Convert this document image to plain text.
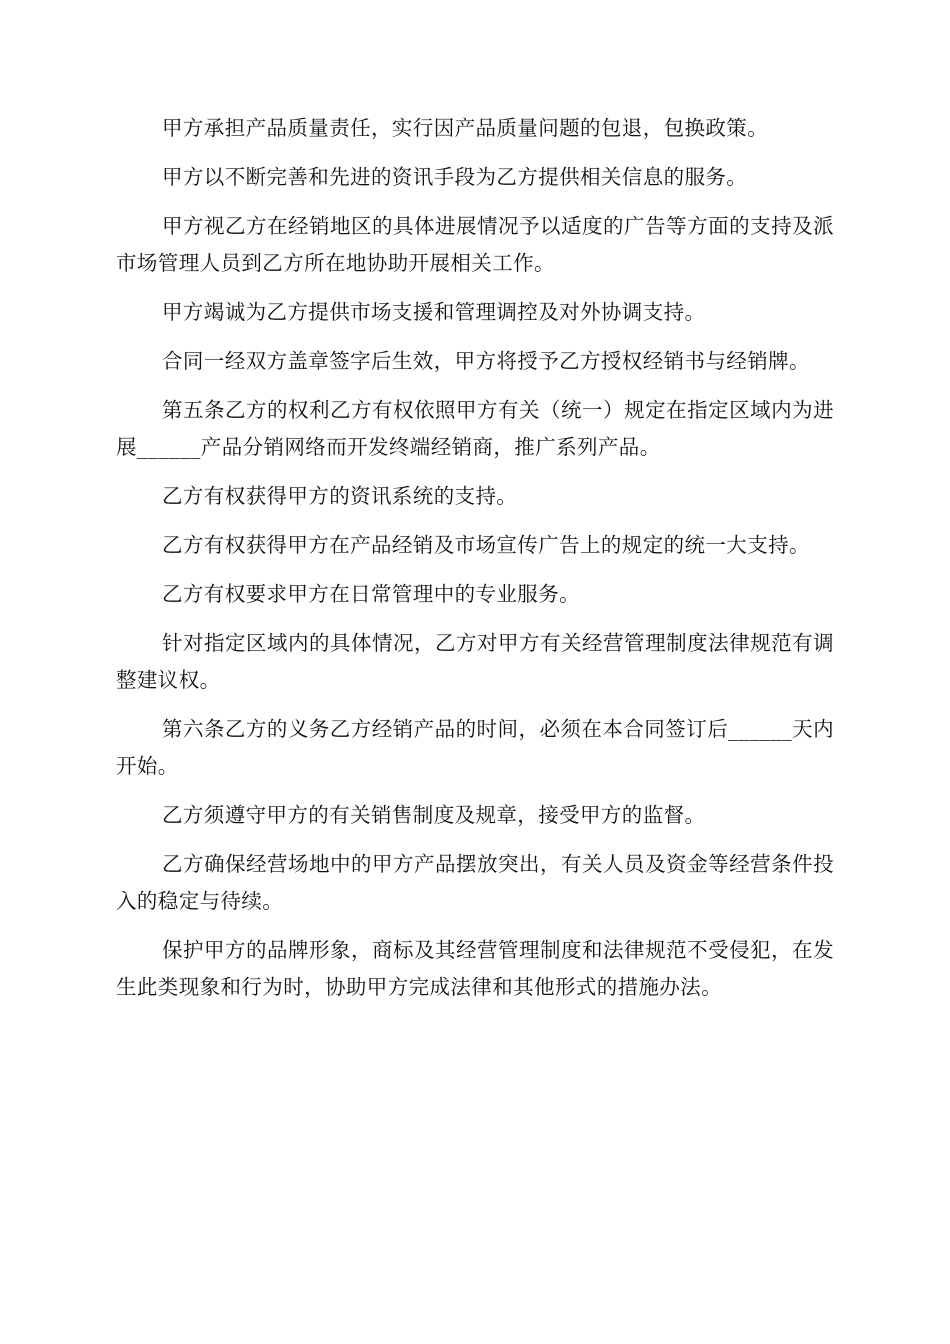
甲方承担产品质量责任，实行因产品质量问题的包退，包换政策。

甲方以不断完善和先进的资讯手段为乙方提供相关信息的服务。

甲方视乙方在经销地区的具体进展情况予以适度的广告等方面的支持及派市场管理人员到乙方所在地协助开展相关工作。

甲方竭诚为乙方提供市场支援和管理调控及对外协调支持。

合同一经双方盖章签字后生效，甲方将授予乙方授权经销书与经销牌。

第五条乙方的权利乙方有权依照甲方有关（统一）规定在指定区域内为进展______产品分销网络而开发终端经销商，推广系列产品。

乙方有权获得甲方的资讯系统的支持。

乙方有权获得甲方在产品经销及市场宣传广告上的规定的统一大支持。

乙方有权要求甲方在日常管理中的专业服务。

针对指定区域内的具体情况，乙方对甲方有关经营管理制度法律规范有调整建议权。

第六条乙方的义务乙方经销产品的时间，必须在本合同签订后______天内开始。

乙方须遵守甲方的有关销售制度及规章，接受甲方的监督。

乙方确保经营场地中的甲方产品摆放突出，有关人员及资金等经营条件投入的稳定与待续。

保护甲方的品牌形象，商标及其经营管理制度和法律规范不受侵犯，在发生此类现象和行为时，协助甲方完成法律和其他形式的措施办法。
